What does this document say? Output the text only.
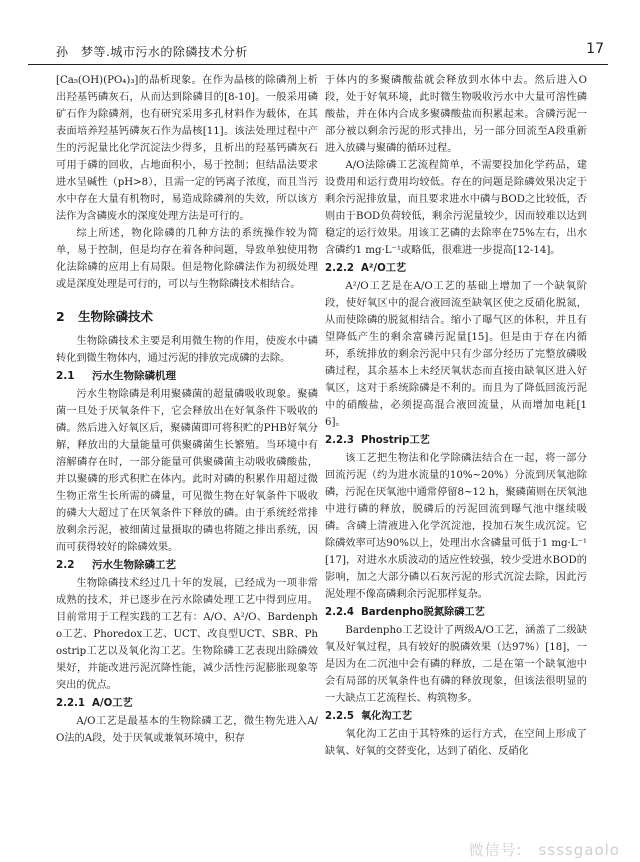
孙　梦等.城市污水的除磷技术分析	17

[Ca₅(OH)(PO₄)₃]的晶析现象。在作为晶核的除磷剂上析出羟基钙磷灰石，从而达到除磷目的[8-10]。一般采用磷矿石作为除磷剂，也有研究采用多孔材料作为载体，在其表面培养羟基钙磷灰石作为晶核[11]。该法处理过程中产生的污泥量比化学沉淀法少得多，且析出的羟基钙磷灰石可用于磷的回收，占地面积小，易于控制；但结晶法要求进水呈碱性（pH>8），且需一定的钙离子浓度，而且当污水中存在大量有机物时，易造成除磷剂的失效，所以该方法作为含磷废水的深度处理方法是可行的。

综上所述，物化除磷的几种方法的系统操作较为简单，易于控制，但是均存在着各种问题，导致单独使用物化法除磷的应用上有局限。但是物化除磷法作为初级处理或是深度处理是可行的，可以与生物除磷技术相结合。

2 生物除磷技术

生物除磷技术主要是利用微生物的作用，使废水中磷转化到微生物体内，通过污泥的排放完成磷的去除。

2.1 污水生物除磷机理

污水生物除磷是利用聚磷菌的超量磷吸收现象。聚磷菌一旦处于厌氧条件下，它会释放出在好氧条件下吸收的磷。然后进入好氧区后，聚磷菌即可将积贮的PHB好氧分解，释放出的大量能量可供聚磷菌生长繁殖。当环境中有溶解磷存在时，一部分能量可供聚磷菌主动吸收磷酸盐，并以聚磷的形式积贮在体内。此时对磷的积累作用超过微生物正常生长所需的磷量，可见微生物在好氧条件下吸收的磷大大超过了在厌氧条件下释放的磷。由于系统经常排放剩余污泥，被细菌过量摄取的磷也将随之排出系统，因而可获得较好的除磷效果。

2.2 污水生物除磷工艺

生物除磷技术经过几十年的发展，已经成为一项非常成熟的技术，并已逐步在污水除磷处理工艺中得到应用。目前常用于工程实践的工艺有：A/O、A²/O、Bardenpho工艺、Phoredox工艺、UCT、改良型UCT、SBR、Phostrip工艺以及氧化沟工艺。生物除磷工艺表现出除磷效果好，并能改进污泥沉降性能，减少活性污泥膨胀现象等突出的优点。

2.2.1 A/O工艺

A/O工艺是最基本的生物除磷工艺，微生物先进入A/O法的A段，处于厌氧或兼氧环境中，积存

于体内的多聚磷酸盐就会释放到水体中去。然后进入O段，处于好氧环境，此时微生物吸收污水中大量可溶性磷酸盐，并在体内合成多聚磷酸盐而积累起来。含磷污泥一部分被以剩余污泥的形式排出，另一部分回流至A段重新进入放磷与聚磷的循环过程。

A/O法除磷工艺流程简单，不需要投加化学药品，建设费用和运行费用均较低。存在的问题是除磷效果决定于剩余污泥排放量，而且要求进水中磷与BOD之比较低，否则由于BOD负荷较低，剩余污泥量较少，因而较难以达到稳定的运行效果。用该工艺磷的去除率在75%左右，出水含磷约1 mg·L⁻¹或略低，很难进一步提高[12-14]。

2.2.2 A²/O工艺

A²/O工艺是在A/O工艺的基础上增加了一个缺氧阶段，使好氧区中的混合液回流至缺氧区使之反硝化脱氮，从而使除磷的脱氮相结合。缩小了曝气区的体积，并且有望降低产生的剩余富磷污泥量[15]。但是由于存在内循环，系统排放的剩余污泥中只有少部分经历了完整放磷吸磷过程，其余基本上未经厌氧状态而直接由缺氧区进入好氧区，这对于系统除磷是不利的。而且为了降低回流污泥中的硝酸盐，必须提高混合液回流量，从而增加电耗[16]。

2.2.3 Phostrip工艺

该工艺把生物法和化学除磷法结合在一起，将一部分回流污泥（约为进水流量的10%~20%）分流到厌氧池除磷，污泥在厌氧池中通常停留8~12 h，聚磷菌则在厌氧池中进行磷的释放，脱磷后的污泥回流到曝气池中继续吸磷。含磷上清液进入化学沉淀池，投加石灰生成沉淀。它除磷效率可达90%以上，处理出水含磷量可低于1 mg·L⁻¹[17]，对进水水质波动的适应性较强，较少受进水BOD的影响，加之大部分磷以石灰污泥的形式沉淀去除，因此污泥处理不像高磷剩余污泥那样复杂。

2.2.4 Bardenpho脱氮除磷工艺

Bardenpho工艺设计了两级A/O工艺，涵盖了二级缺氧及好氧过程，具有较好的脱磷效果（达97%）[18]，一是因为在二沉池中会有磷的释放，二是在第一个缺氧池中会有局部的厌氧条件也有磷的释放现象，但该法很明显的一大缺点工艺流程长、构筑物多。

2.2.5 氧化沟工艺

氧化沟工艺由于其特殊的运行方式，在空间上形成了缺氧、好氧的交替变化，达到了硝化、反硝化

微信号:　ssssgaolo
